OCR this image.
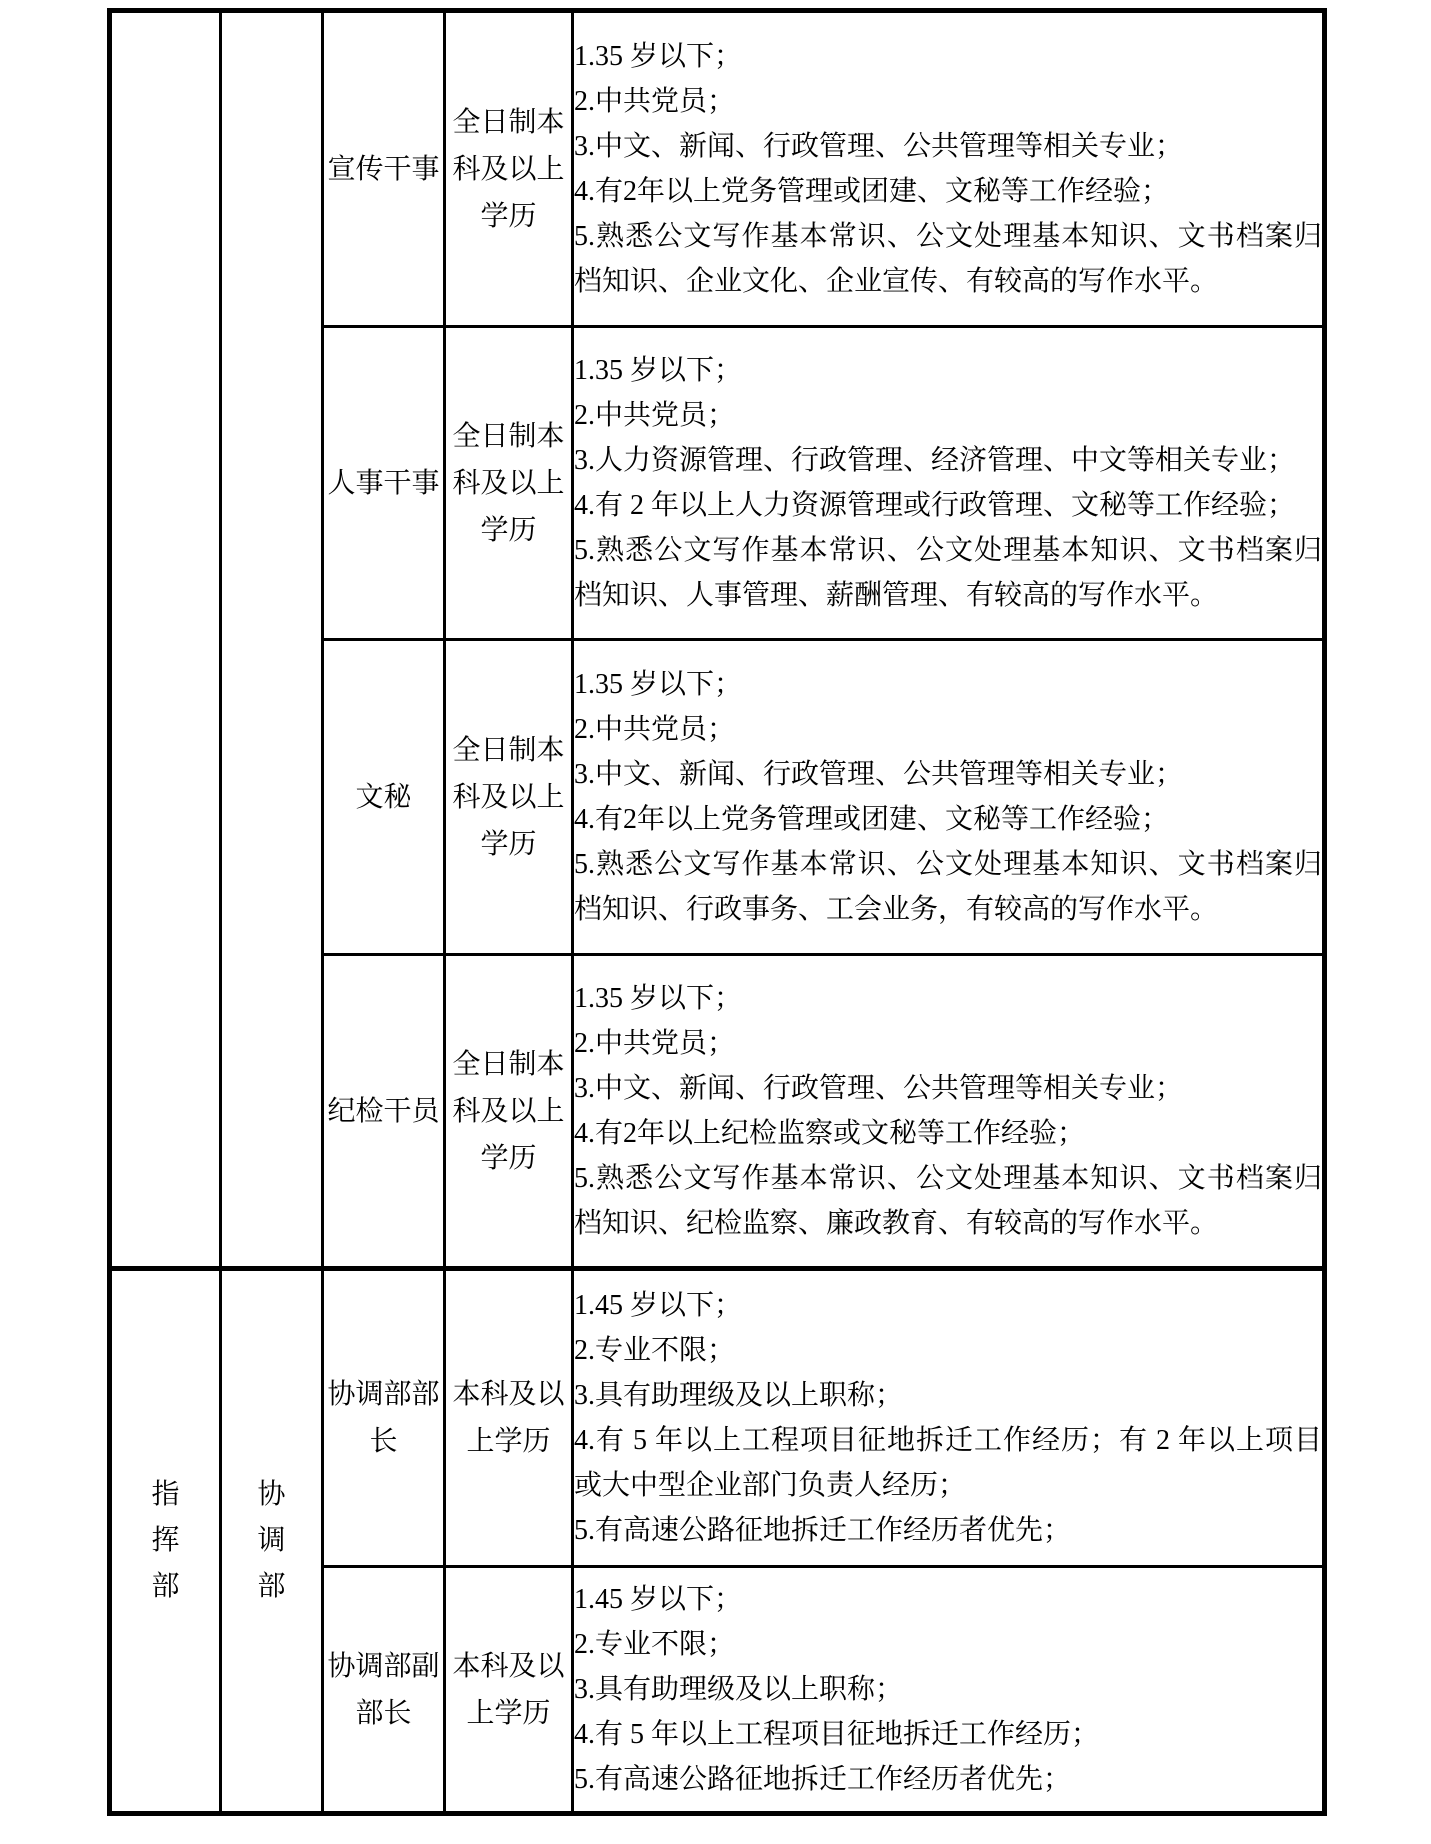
		宣传干事	全日制本科及以上学历	1.35 岁以下；

2.中共党员；

3.中文、新闻、行政管理、公共管理等相关专业；

4.有2年以上党务管理或团建、文秘等工作经验；

5.熟悉公文写作基本常识、公文处理基本知识、文书档案归档知识、企业文化、企业宣传、有较高的写作水平。

		人事干事	全日制本科及以上学历	1.35 岁以下；

2.中共党员；

3.人力资源管理、行政管理、经济管理、中文等相关专业；

4.有 2 年以上人力资源管理或行政管理、文秘等工作经验；

5.熟悉公文写作基本常识、公文处理基本知识、文书档案归档知识、人事管理、薪酬管理、有较高的写作水平。

		文秘	全日制本科及以上学历	1.35 岁以下；

2.中共党员；

3.中文、新闻、行政管理、公共管理等相关专业；

4.有2年以上党务管理或团建、文秘等工作经验；

5.熟悉公文写作基本常识、公文处理基本知识、文书档案归档知识、行政事务、工会业务，有较高的写作水平。

		纪检干员	全日制本科及以上学历	1.35 岁以下；

2.中共党员；

3.中文、新闻、行政管理、公共管理等相关专业；

4.有2年以上纪检监察或文秘等工作经验；

5.熟悉公文写作基本常识、公文处理基本知识、文书档案归档知识、纪检监察、廉政教育、有较高的写作水平。

指挥部	协调部	协调部部长	本科及以上学历	1.45 岁以下；

2.专业不限；

3.具有助理级及以上职称；

4.有 5 年以上工程项目征地拆迁工作经历；有 2 年以上项目或大中型企业部门负责人经历；

5.有高速公路征地拆迁工作经历者优先；

		协调部副部长	本科及以上学历	1.45 岁以下；

2.专业不限；

3.具有助理级及以上职称；

4.有 5 年以上工程项目征地拆迁工作经历；

5.有高速公路征地拆迁工作经历者优先；
